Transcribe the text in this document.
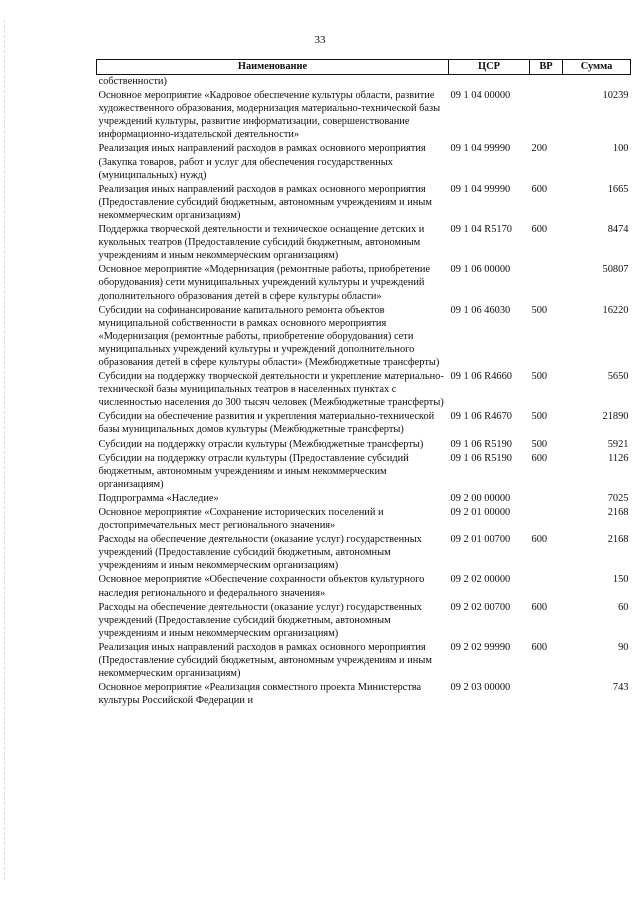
33
Наименование	ЦСР	ВР	Сумма
собственности)			
Основное мероприятие «Кадровое обеспечение культуры области, развитие художественного образования, модернизация материально-технической базы учреждений культуры, развитие информатизации, совершенствование информационно-издательской деятельности»	09 1 04 00000		10239
Реализация иных направлений расходов в рамках основного мероприятия (Закупка товаров, работ и услуг для обеспечения государственных (муниципальных) нужд)	09 1 04 99990	200	100
Реализация иных направлений расходов в рамках основного мероприятия (Предоставление субсидий бюджетным, автономным учреждениям и иным некоммерческим организациям)	09 1 04 99990	600	1665
Поддержка творческой деятельности и техническое оснащение детских и кукольных театров (Предоставление субсидий бюджетным, автономным учреждениям и иным некоммерческим организациям)	09 1 04 R5170	600	8474
Основное мероприятие «Модернизация (ремонтные работы, приобретение оборудования) сети муниципальных учреждений культуры и учреждений дополнительного образования детей в сфере культуры области»	09 1 06 00000		50807
Субсидии на софинансирование капитального ремонта объектов муниципальной собственности в рамках основного мероприятия «Модернизация (ремонтные работы, приобретение оборудования) сети муниципальных учреждений культуры и учреждений дополнительного образования детей в сфере культуры области» (Межбюджетные трансферты)	09 1 06 46030	500	16220
Субсидии на поддержку творческой деятельности и укрепление материально-технической базы муниципальных театров в населенных пунктах с численностью населения до 300 тысяч человек (Межбюджетные трансферты)	09 1 06 R4660	500	5650
Субсидии на обеспечение развития и укрепления материально-технической базы муниципальных домов культуры (Межбюджетные трансферты)	09 1 06 R4670	500	21890
Субсидии на поддержку отрасли культуры (Межбюджетные трансферты)	09 1 06 R5190	500	5921
Субсидии на поддержку отрасли культуры (Предоставление субсидий бюджетным, автономным учреждениям и иным некоммерческим организациям)	09 1 06 R5190	600	1126
Подпрограмма «Наследие»	09 2 00 00000		7025
Основное мероприятие «Сохранение исторических поселений и достопримечательных мест регионального значения»	09 2 01 00000		2168
Расходы на обеспечение деятельности (оказание услуг) государственных учреждений (Предоставление субсидий бюджетным, автономным учреждениям и иным некоммерческим организациям)	09 2 01 00700	600	2168
Основное мероприятие «Обеспечение сохранности объектов культурного наследия регионального и федерального значения»	09 2 02 00000		150
Расходы на обеспечение деятельности (оказание услуг) государственных учреждений (Предоставление субсидий бюджетным, автономным учреждениям и иным некоммерческим организациям)	09 2 02 00700	600	60
Реализация иных направлений расходов в рамках основного мероприятия (Предоставление субсидий бюджетным, автономным учреждениям и иным некоммерческим организациям)	09 2 02 99990	600	90
Основное мероприятие «Реализация совместного проекта Министерства культуры Российской Федерации и	09 2 03 00000		743
